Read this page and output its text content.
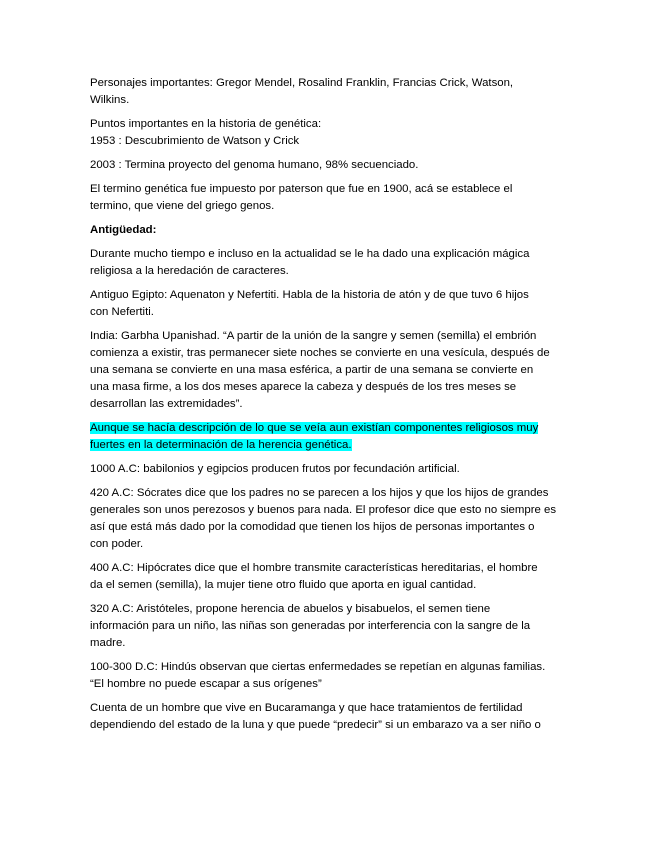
Personajes importantes: Gregor Mendel, Rosalind Franklin, Francias Crick, Watson,
Wilkins.
Puntos importantes en la historia de genética:
1953 : Descubrimiento de Watson y Crick
2003 : Termina proyecto del genoma humano, 98% secuenciado.
El termino genética fue impuesto por paterson que fue en 1900, acá se establece el
termino, que viene del griego genos.
Antigüedad:
Durante mucho tiempo e incluso en la actualidad se le ha dado una explicación mágica
religiosa a la heredación de caracteres.
Antiguo Egipto: Aquenaton y Nefertiti. Habla de la historia de atón y de que tuvo 6 hijos
con Nefertiti.
India: Garbha Upanishad. “A partir de la unión de la sangre y semen (semilla) el embrión
comienza a existir, tras permanecer siete noches se convierte en una vesícula, después de
una semana se convierte en una masa esférica, a partir de una semana se convierte en
una masa firme, a los dos meses aparece la cabeza y después de los tres meses se
desarrollan las extremidades”.
Aunque se hacía descripción de lo que se veía aun existían componentes religiosos muy
fuertes en la determinación de la herencia genética.
1000 A.C: babilonios y egipcios producen frutos por fecundación artificial.
420 A.C: Sócrates dice que los padres no se parecen a los hijos y que los hijos de grandes
generales son unos perezosos y buenos para nada. El profesor dice que esto no siempre es
así que está más dado por la comodidad que tienen los hijos de personas importantes o
con poder.
400 A.C: Hipócrates dice que el hombre transmite características hereditarias, el hombre
da el semen (semilla), la mujer tiene otro fluido que aporta en igual cantidad.
320 A.C: Aristóteles, propone herencia de abuelos y bisabuelos, el semen tiene
información para un niño, las niñas son generadas por interferencia con la sangre de la
madre.
100-300 D.C: Hindús observan que ciertas enfermedades se repetían en algunas familias.
“El hombre no puede escapar a sus orígenes”
Cuenta de un hombre que vive en Bucaramanga y que hace tratamientos de fertilidad
dependiendo del estado de la luna y que puede “predecir” si un embarazo va a ser niño o
